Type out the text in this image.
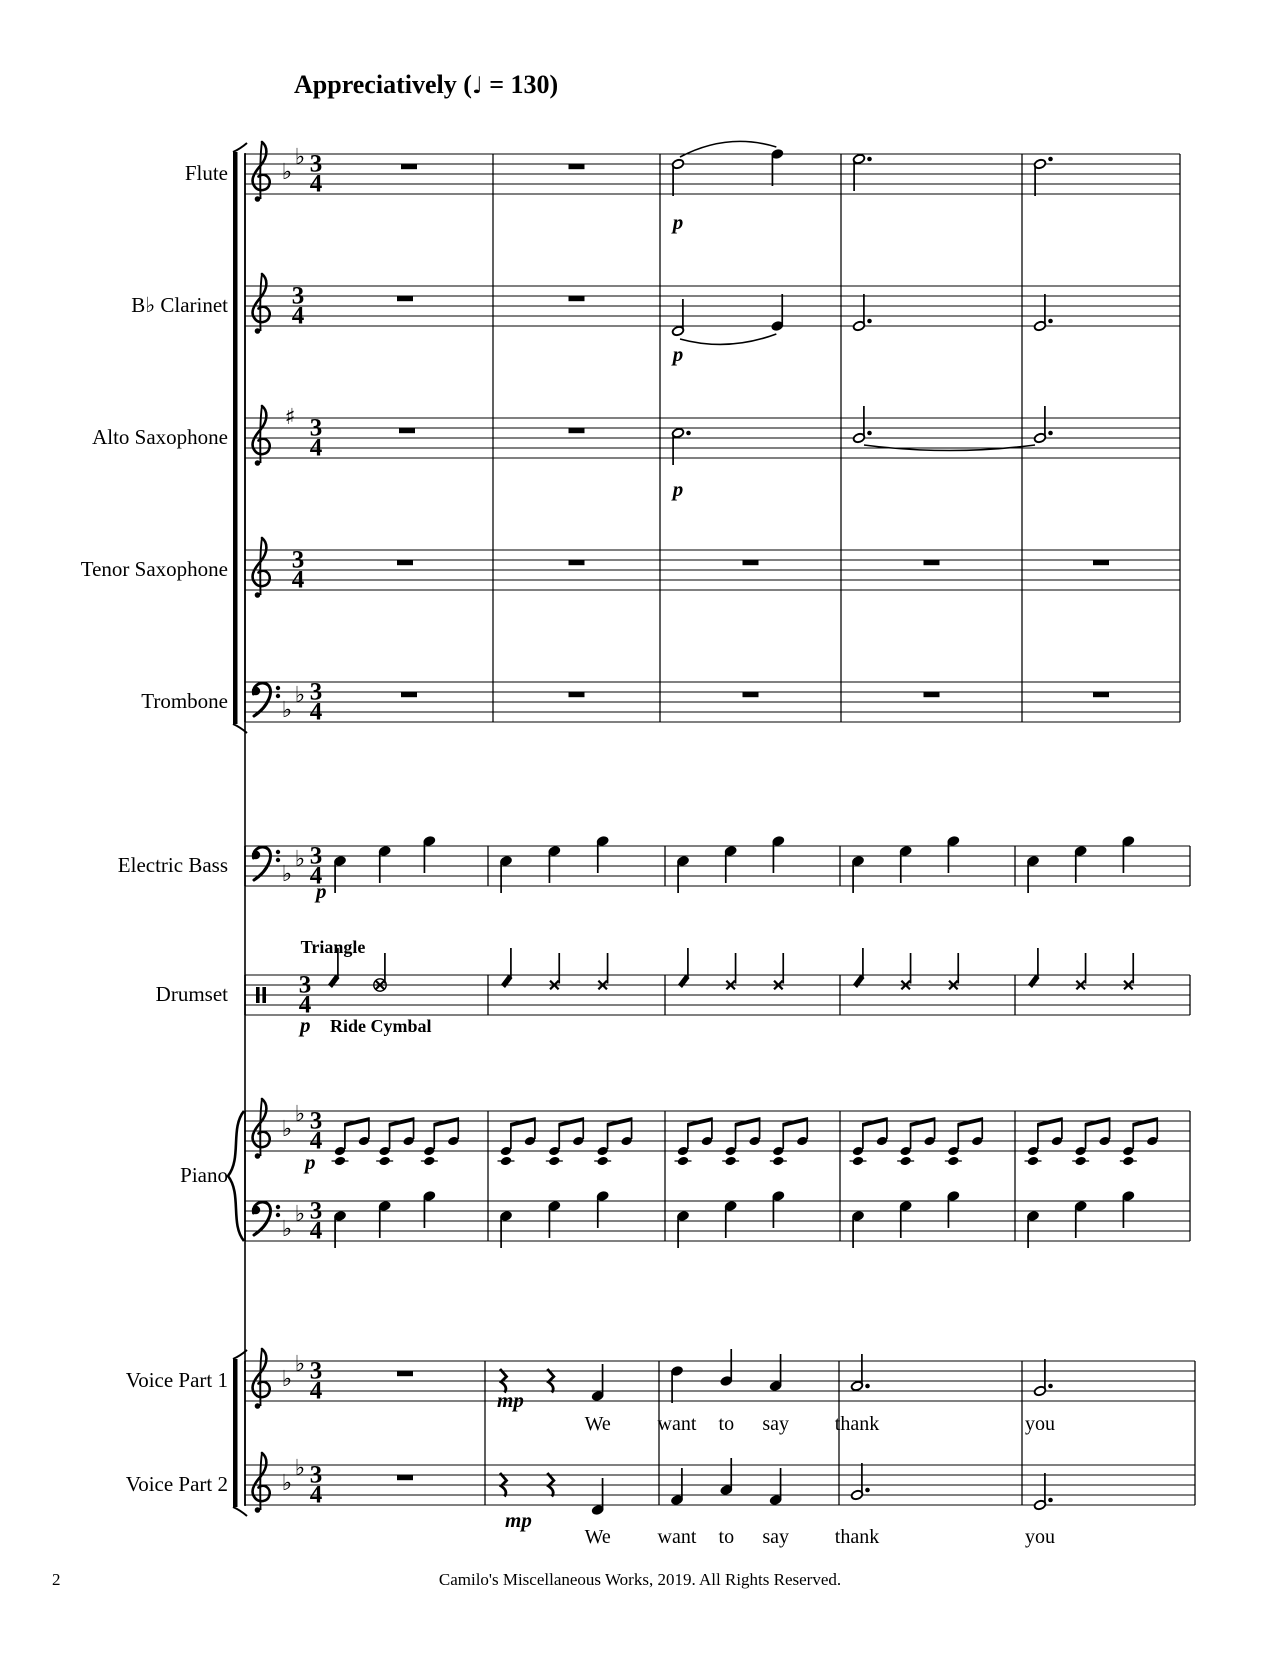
♭
♭ 3
4
p
3
4
p
♯ 3
4
p
3
4
♭
♭ 3
4
♭
♭ 3
4
p
3
4
p
Triangle
Ride Cymbal
♭
♭ 3
4
p
♭
♭ 3
4
♭
♭ 3
4
We
mp
want to say thank	you
♭
♭ 3
4
We
mp
want to say thank	you
Appreciatively (♩ = 130)
Flute
B♭ Clarinet
Alto Saxophone
Tenor Saxophone
Trombone
Electric Bass
Drumset
Piano
Voice Part 1
Voice Part 2
2	Camilo's Miscellaneous Works, 2019. All Rights Reserved.
